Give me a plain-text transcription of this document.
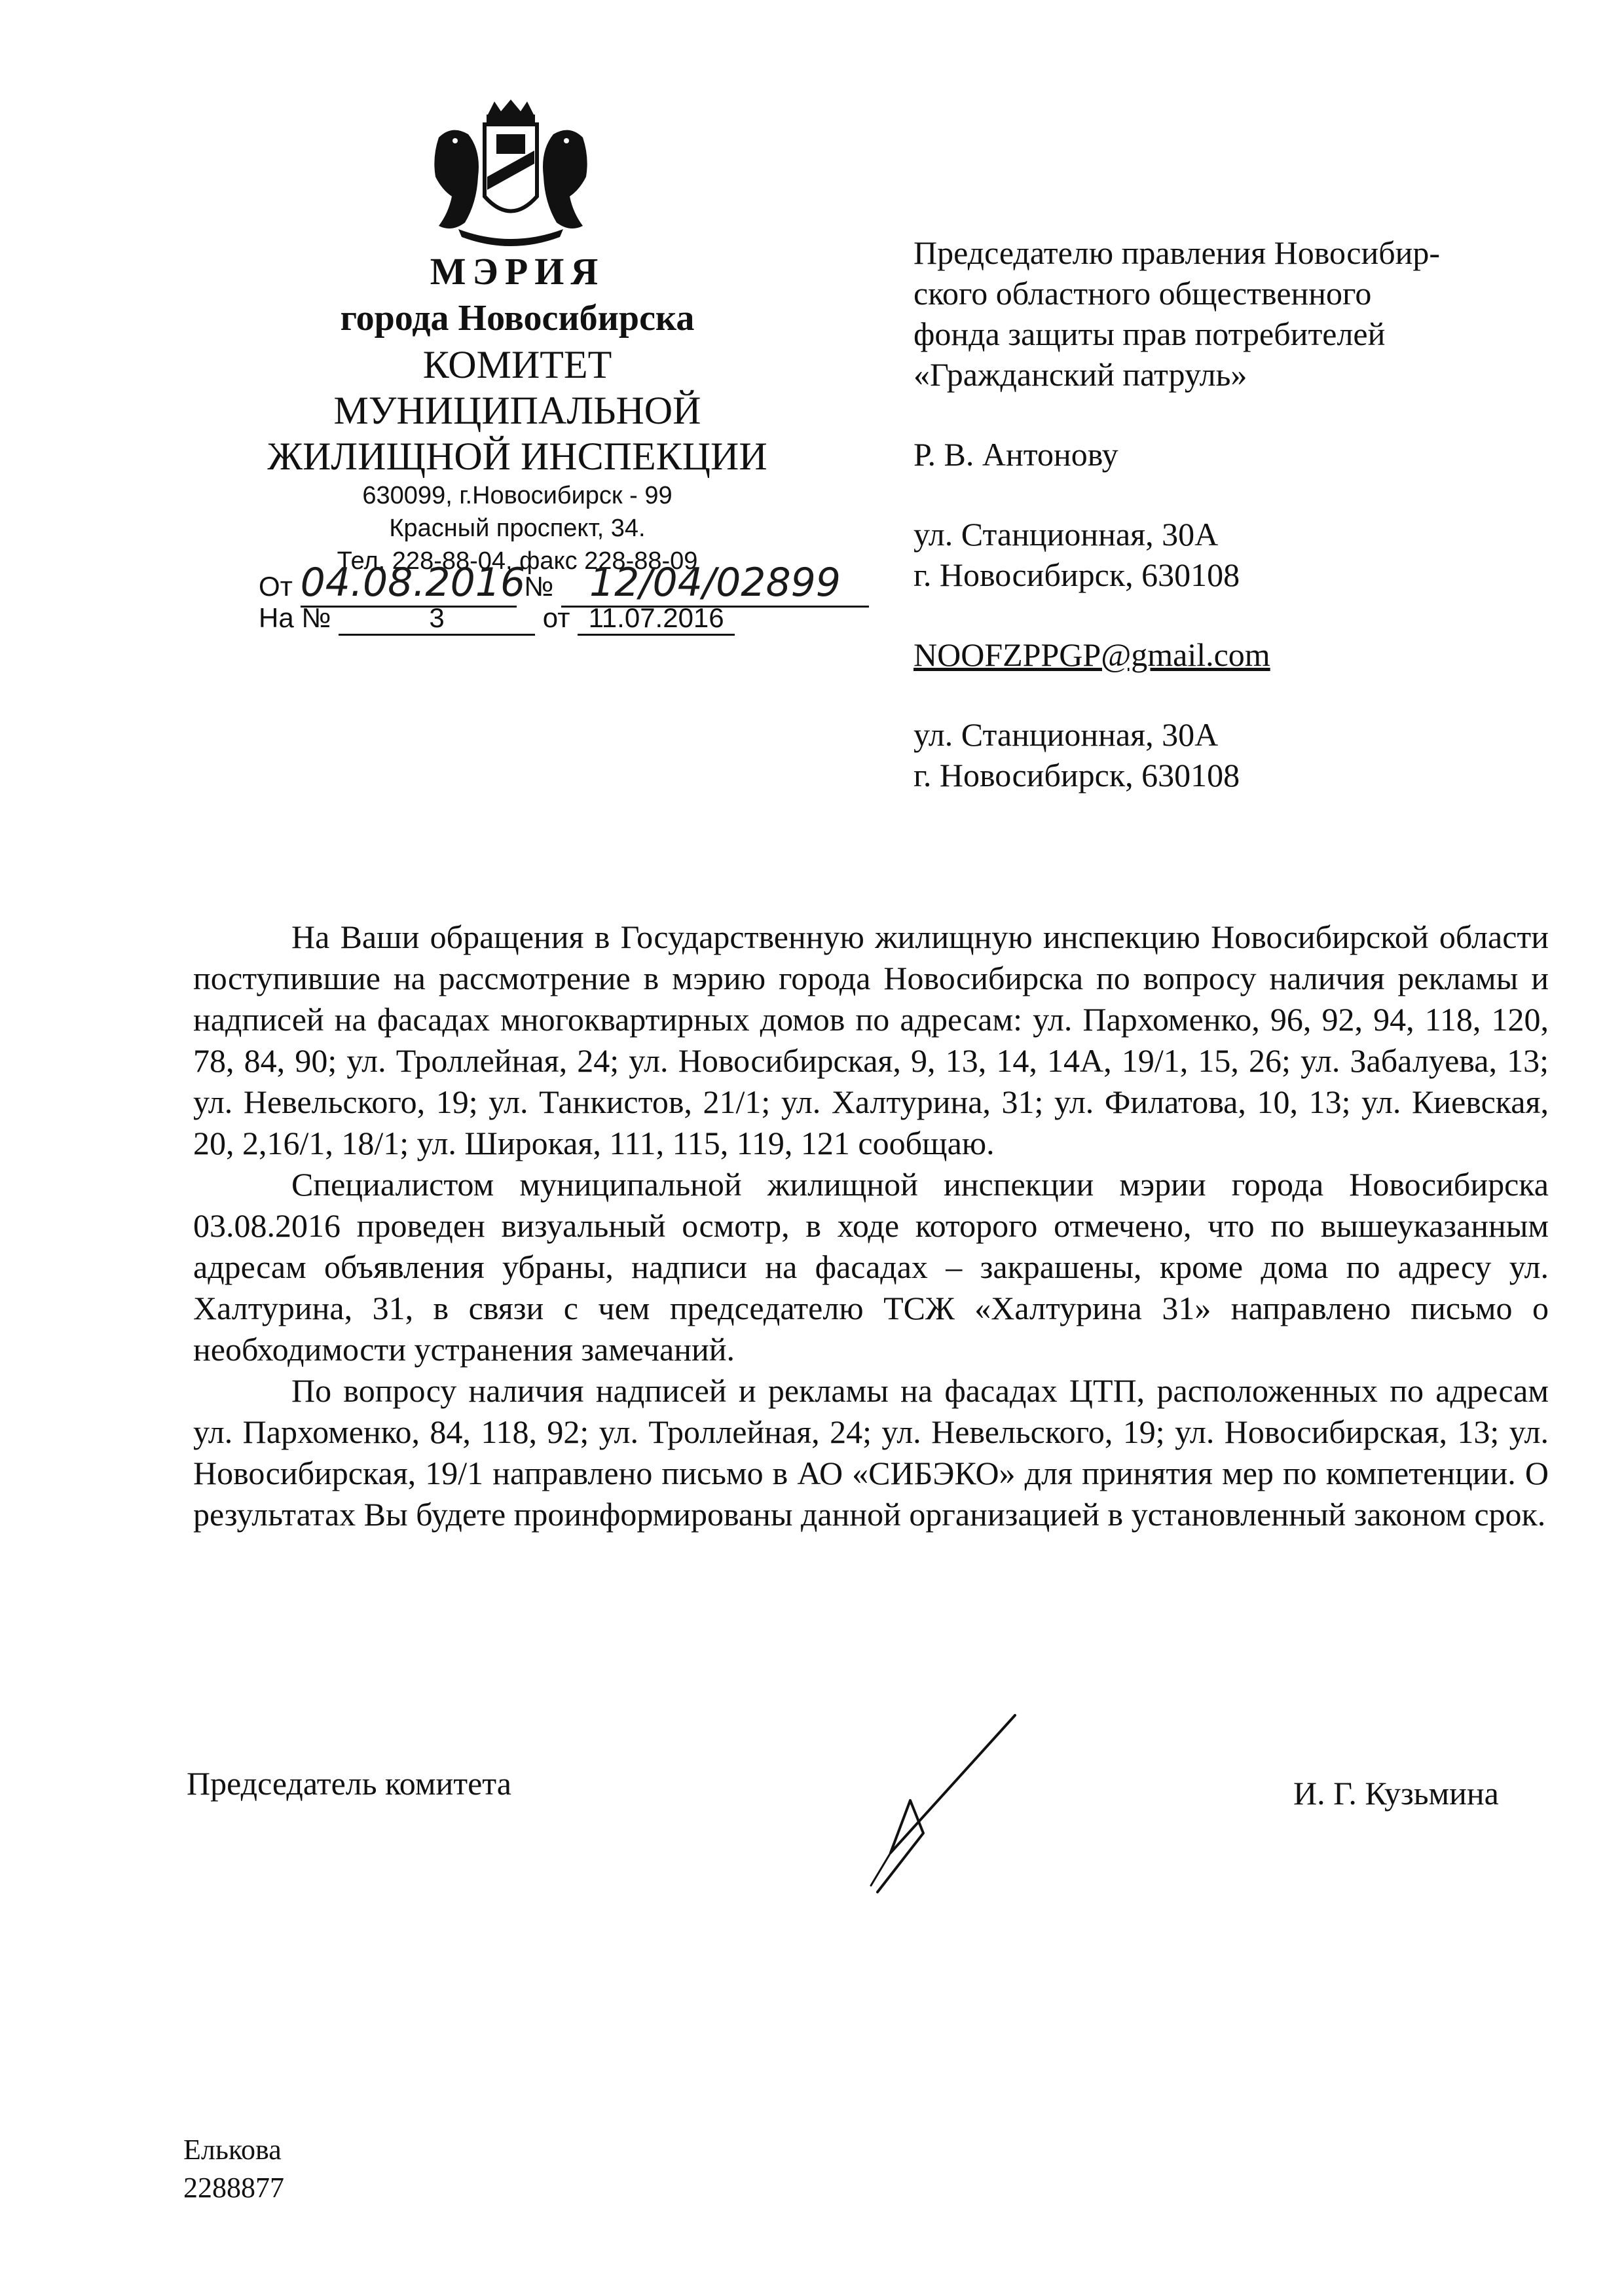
МЭРИЯ
города Новосибирска
КОМИТЕТ
МУНИЦИПАЛЬНОЙ
ЖИЛИЩНОЙ ИНСПЕКЦИИ
630099, г.Новосибирск - 99
Красный проспект, 34.
Тел. 228-88-04, факс 228-88-09
От 04.08.2016 № 12/04/02899
На №	3	от 11.07.2016

Председателю правления Новосибир-

ского областного общественного

фонда защиты прав потребителей

«Гражданский патруль»

Р. В. Антонову

ул. Станционная, 30А

г. Новосибирск, 630108

NOOFZPPGP@gmail.com

ул. Станционная, 30А

г. Новосибирск, 630108

На Ваши обращения в Государственную жилищную инспекцию Новосибирской области поступившие на рассмотрение в мэрию города Новосибирска по вопросу наличия рекламы и надписей на фасадах многоквартирных домов по адресам: ул. Пархоменко, 96, 92, 94, 118, 120, 78, 84, 90; ул. Троллейная, 24; ул. Новосибирская, 9, 13, 14, 14А, 19/1, 15, 26; ул. Забалуева, 13; ул. Невельского, 19; ул. Танкистов, 21/1; ул. Халтурина, 31; ул. Филатова, 10, 13; ул. Киевская, 20, 2,16/1, 18/1; ул. Широкая, 111, 115, 119, 121 сообщаю.

Специалистом муниципальной жилищной инспекции мэрии города Новосибирска 03.08.2016 проведен визуальный осмотр, в ходе которого отмечено, что по вышеуказанным адресам объявления убраны, надписи на фасадах – закрашены, кроме дома по адресу ул. Халтурина, 31, в связи с чем председателю ТСЖ «Халтурина 31» направлено письмо о необходимости устранения замечаний.

По вопросу наличия надписей и рекламы на фасадах ЦТП, расположенных по адресам ул. Пархоменко, 84, 118, 92; ул. Троллейная, 24; ул. Невельского, 19; ул. Новосибирская, 13; ул. Новосибирская, 19/1 направлено письмо в АО «СИБЭКО» для принятия мер по компетенции. О результатах Вы будете проинформированы данной организацией в установленный законом срок.

Председатель комитета	И. Г. Кузьмина
Елькова
2288877
